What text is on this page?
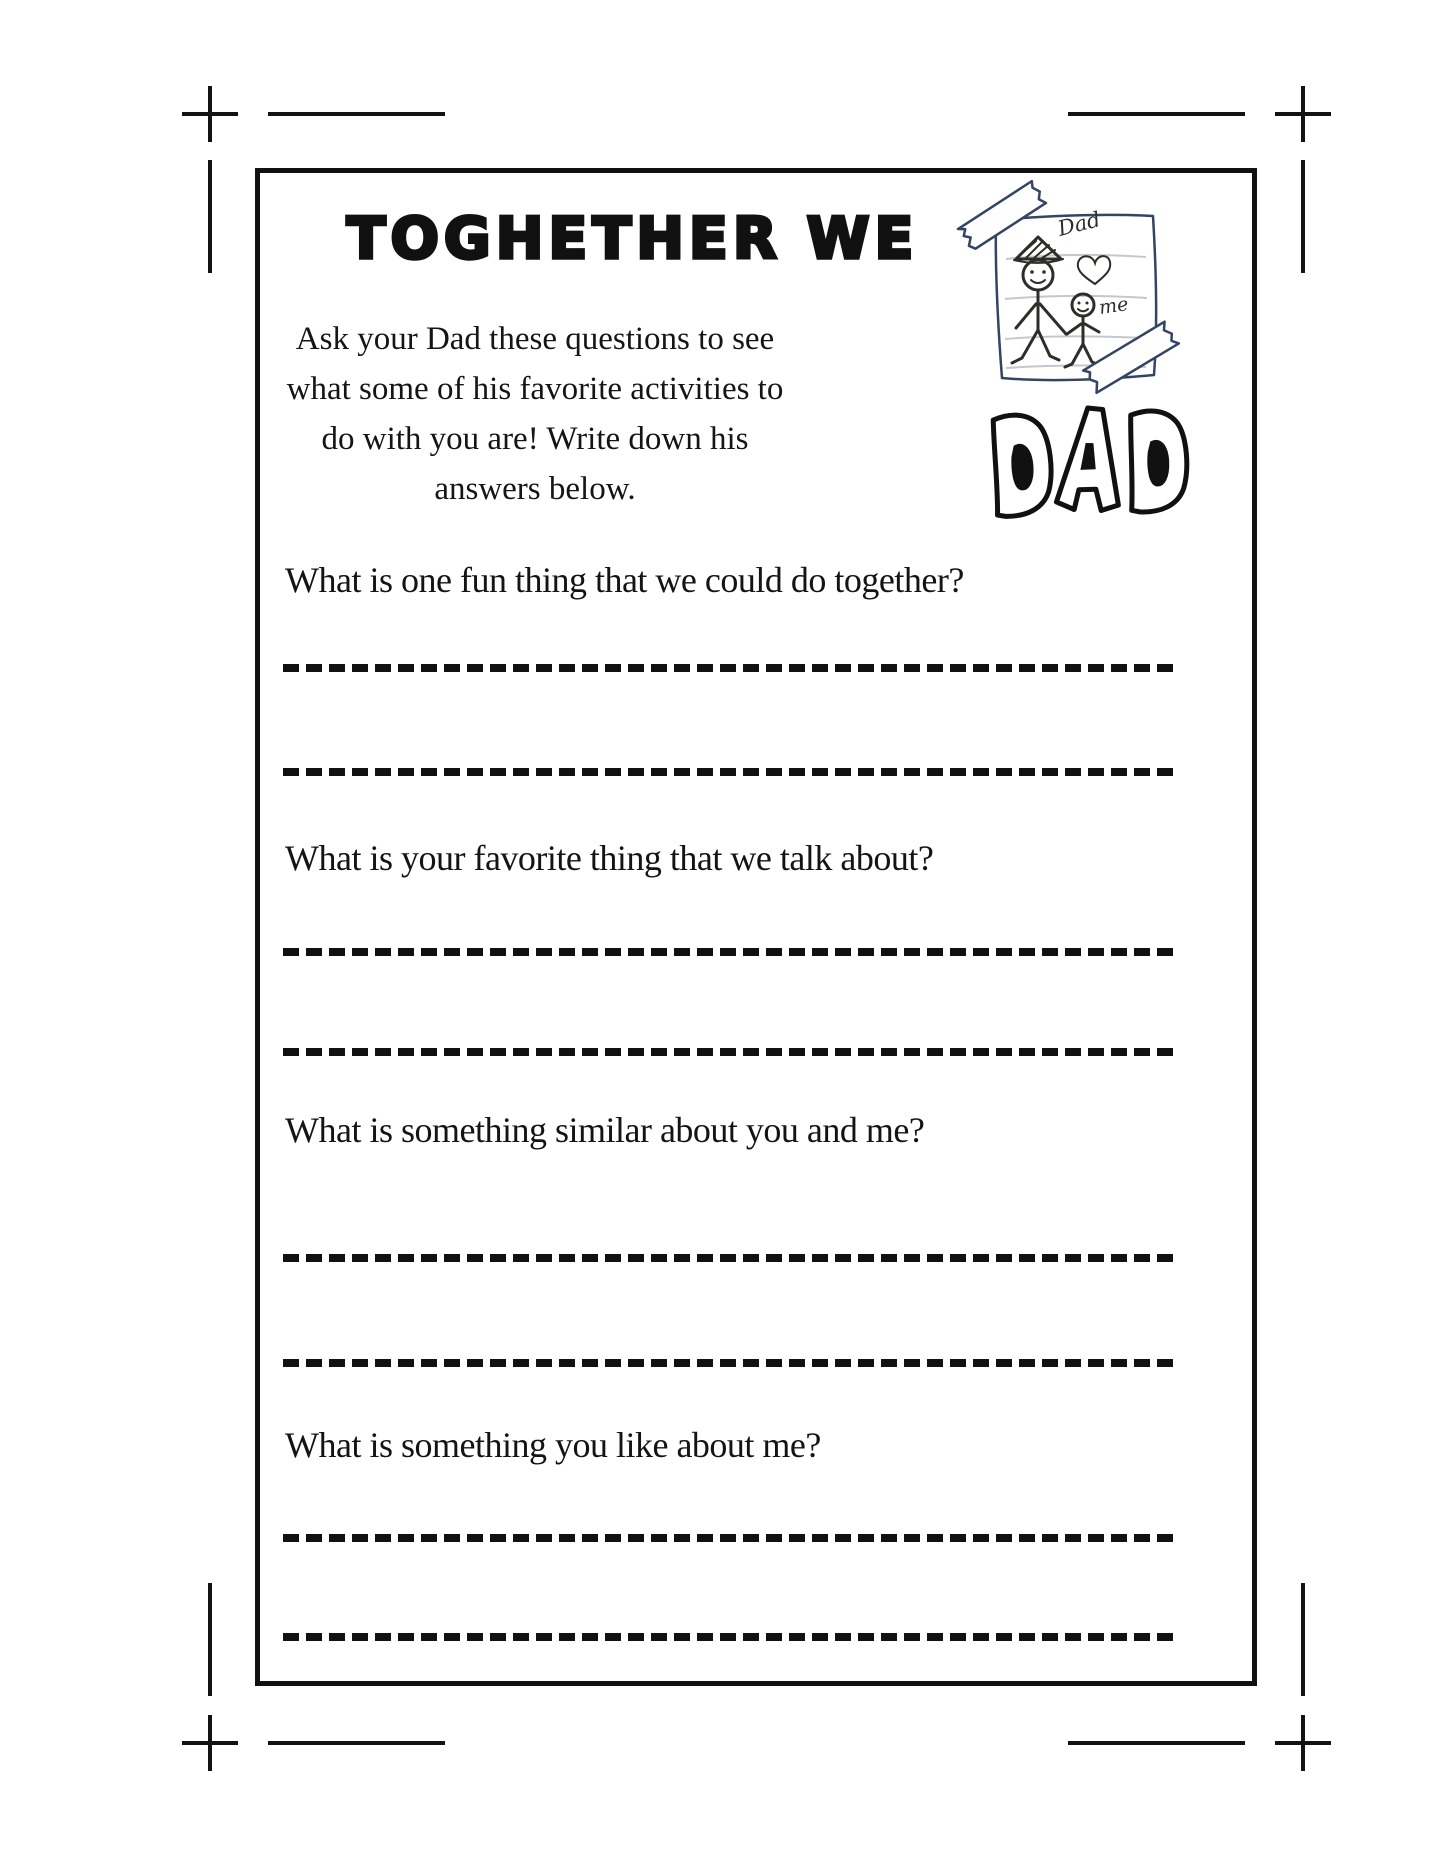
TOGHETHER WE
Ask your Dad these questions to see
what some of his favorite activities to
do with you are! Write down his
answers below.
Dad
me
What is one fun thing that we could do together?
What is your favorite thing that we talk about?
What is something similar about you and me?
What is something you like about me?
